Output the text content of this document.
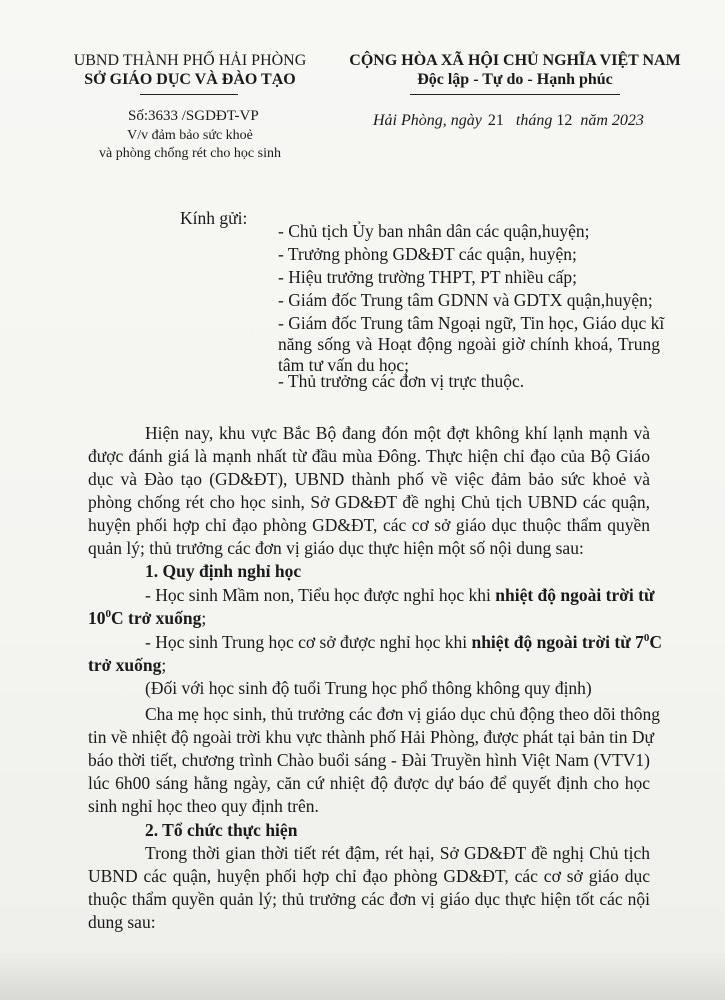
UBND THÀNH PHỐ HẢI PHÒNG
SỞ GIÁO DỤC VÀ ĐÀO TẠO
CỘNG HÒA XÃ HỘI CHỦ NGHĨA VIỆT NAM
Độc lập - Tự do - Hạnh phúc
Số:3633 /SGDĐT-VP
V/v đảm bảo sức khoẻ
và phòng chống rét cho học sinh
Hải Phòng, ngày 21 tháng 12 năm 2023
Kính gửi:
- Chủ tịch Ủy ban nhân dân các quận,huyện;
- Trưởng phòng GD&ĐT các quận, huyện;
- Hiệu trưởng trường THPT, PT nhiều cấp;
- Giám đốc Trung tâm GDNN và GDTX quận,huyện;
- Giám đốc Trung tâm Ngoại ngữ, Tin học, Giáo dục kĩ
năng sống và Hoạt động ngoài giờ chính khoá, Trung
tâm tư vấn du học;
- Thủ trưởng các đơn vị trực thuộc.
Hiện nay, khu vực Bắc Bộ đang đón một đợt không khí lạnh mạnh và
được đánh giá là mạnh nhất từ đầu mùa Đông. Thực hiện chỉ đạo của Bộ Giáo
dục và Đào tạo (GD&ĐT), UBND thành phố về việc đảm bảo sức khoẻ và
phòng chống rét cho học sinh, Sở GD&ĐT đề nghị Chủ tịch UBND các quận,
huyện phối hợp chỉ đạo phòng GD&ĐT, các cơ sở giáo dục thuộc thẩm quyền
quản lý; thủ trưởng các đơn vị giáo dục thực hiện một số nội dung sau:
1. Quy định nghỉ học
- Học sinh Mầm non, Tiểu học được nghỉ học khi nhiệt độ ngoài trời từ
$10^0C$ trở xuống;
- Học sinh Trung học cơ sở được nghỉ học khi nhiệt độ ngoài trời từ $7^0C$
trở xuống;
(Đối với học sinh độ tuổi Trung học phổ thông không quy định)
Cha mẹ học sinh, thủ trưởng các đơn vị giáo dục chủ động theo dõi thông
tin về nhiệt độ ngoài trời khu vực thành phố Hải Phòng, được phát tại bản tin Dự
báo thời tiết, chương trình Chào buổi sáng - Đài Truyền hình Việt Nam (VTV1)
lúc 6h00 sáng hằng ngày, căn cứ nhiệt độ được dự báo để quyết định cho học
sinh nghỉ học theo quy định trên.
2. Tổ chức thực hiện
Trong thời gian thời tiết rét đậm, rét hại, Sở GD&ĐT đề nghị Chủ tịch
UBND các quận, huyện phối hợp chỉ đạo phòng GD&ĐT, các cơ sở giáo dục
thuộc thẩm quyền quản lý; thủ trưởng các đơn vị giáo dục thực hiện tốt các nội
dung sau:
